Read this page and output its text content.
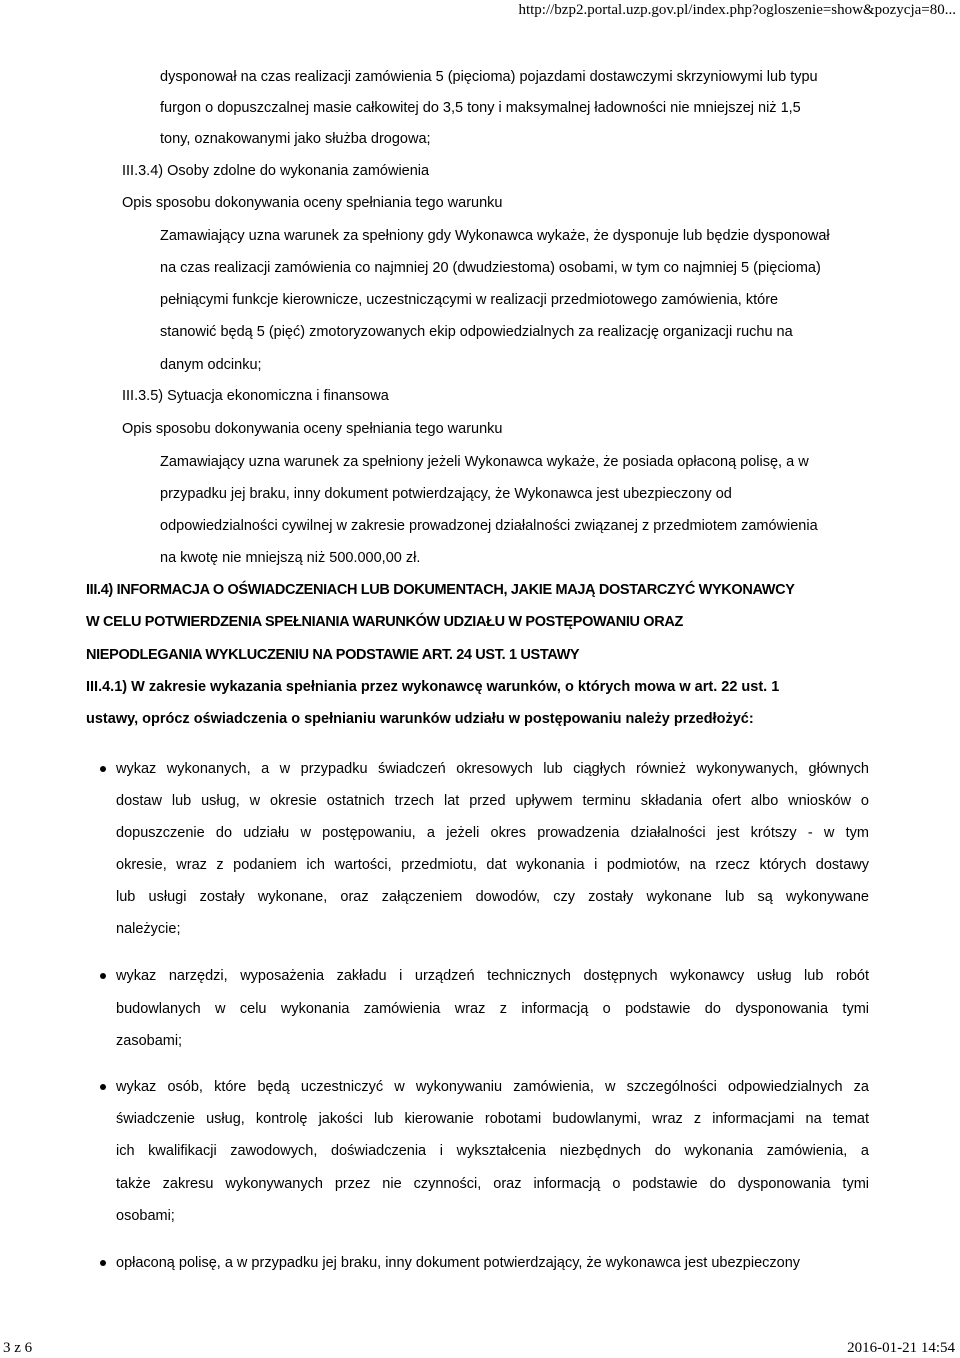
http://bzp2.portal.uzp.gov.pl/index.php?ogloszenie=show&pozycja=80...
dysponował na czas realizacji zamówienia 5 (pięcioma) pojazdami dostawczymi skrzyniowymi lub typu
furgon o dopuszczalnej masie całkowitej do 3,5 tony i maksymalnej ładowności nie mniejszej niż 1,5
tony, oznakowanymi jako służba drogowa;
III.3.4) Osoby zdolne do wykonania zamówienia
Opis sposobu dokonywania oceny spełniania tego warunku
Zamawiający uzna warunek za spełniony gdy Wykonawca wykaże, że dysponuje lub będzie dysponował
na czas realizacji zamówienia co najmniej 20 (dwudziestoma) osobami, w tym co najmniej 5 (pięcioma)
pełniącymi funkcje kierownicze, uczestniczącymi w realizacji przedmiotowego zamówienia, które
stanowić będą 5 (pięć) zmotoryzowanych ekip odpowiedzialnych za realizację organizacji ruchu na
danym odcinku;
III.3.5) Sytuacja ekonomiczna i finansowa
Opis sposobu dokonywania oceny spełniania tego warunku
Zamawiający uzna warunek za spełniony jeżeli Wykonawca wykaże, że posiada opłaconą polisę, a w
przypadku jej braku, inny dokument potwierdzający, że Wykonawca jest ubezpieczony od
odpowiedzialności cywilnej w zakresie prowadzonej działalności związanej z przedmiotem zamówienia
na kwotę nie mniejszą niż 500.000,00 zł.
III.4) INFORMACJA O OŚWIADCZENIACH LUB DOKUMENTACH, JAKIE MAJĄ DOSTARCZYĆ WYKONAWCY
W CELU POTWIERDZENIA SPEŁNIANIA WARUNKÓW UDZIAŁU W POSTĘPOWANIU ORAZ
NIEPODLEGANIA WYKLUCZENIU NA PODSTAWIE ART. 24 UST. 1 USTAWY
III.4.1) W zakresie wykazania spełniania przez wykonawcę warunków, o których mowa w art. 22 ust. 1
ustawy, oprócz oświadczenia o spełnianiu warunków udziału w postępowaniu należy przedłożyć:
wykaz wykonanych, a w przypadku świadczeń okresowych lub ciągłych również wykonywanych, głównych
dostaw lub usług, w okresie ostatnich trzech lat przed upływem terminu składania ofert albo wniosków o
dopuszczenie do udziału w postępowaniu, a jeżeli okres prowadzenia działalności jest krótszy - w tym
okresie, wraz z podaniem ich wartości, przedmiotu, dat wykonania i podmiotów, na rzecz których dostawy
lub usługi zostały wykonane, oraz załączeniem dowodów, czy zostały wykonane lub są wykonywane
należycie;
wykaz narzędzi, wyposażenia zakładu i urządzeń technicznych dostępnych wykonawcy usług lub robót
budowlanych w celu wykonania zamówienia wraz z informacją o podstawie do dysponowania tymi
zasobami;
wykaz osób, które będą uczestniczyć w wykonywaniu zamówienia, w szczególności odpowiedzialnych za
świadczenie usług, kontrolę jakości lub kierowanie robotami budowlanymi, wraz z informacjami na temat
ich kwalifikacji zawodowych, doświadczenia i wykształcenia niezbędnych do wykonania zamówienia, a
także zakresu wykonywanych przez nie czynności, oraz informacją o podstawie do dysponowania tymi
osobami;
opłaconą polisę, a w przypadku jej braku, inny dokument potwierdzający, że wykonawca jest ubezpieczony
3 z 6	2016-01-21 14:54
